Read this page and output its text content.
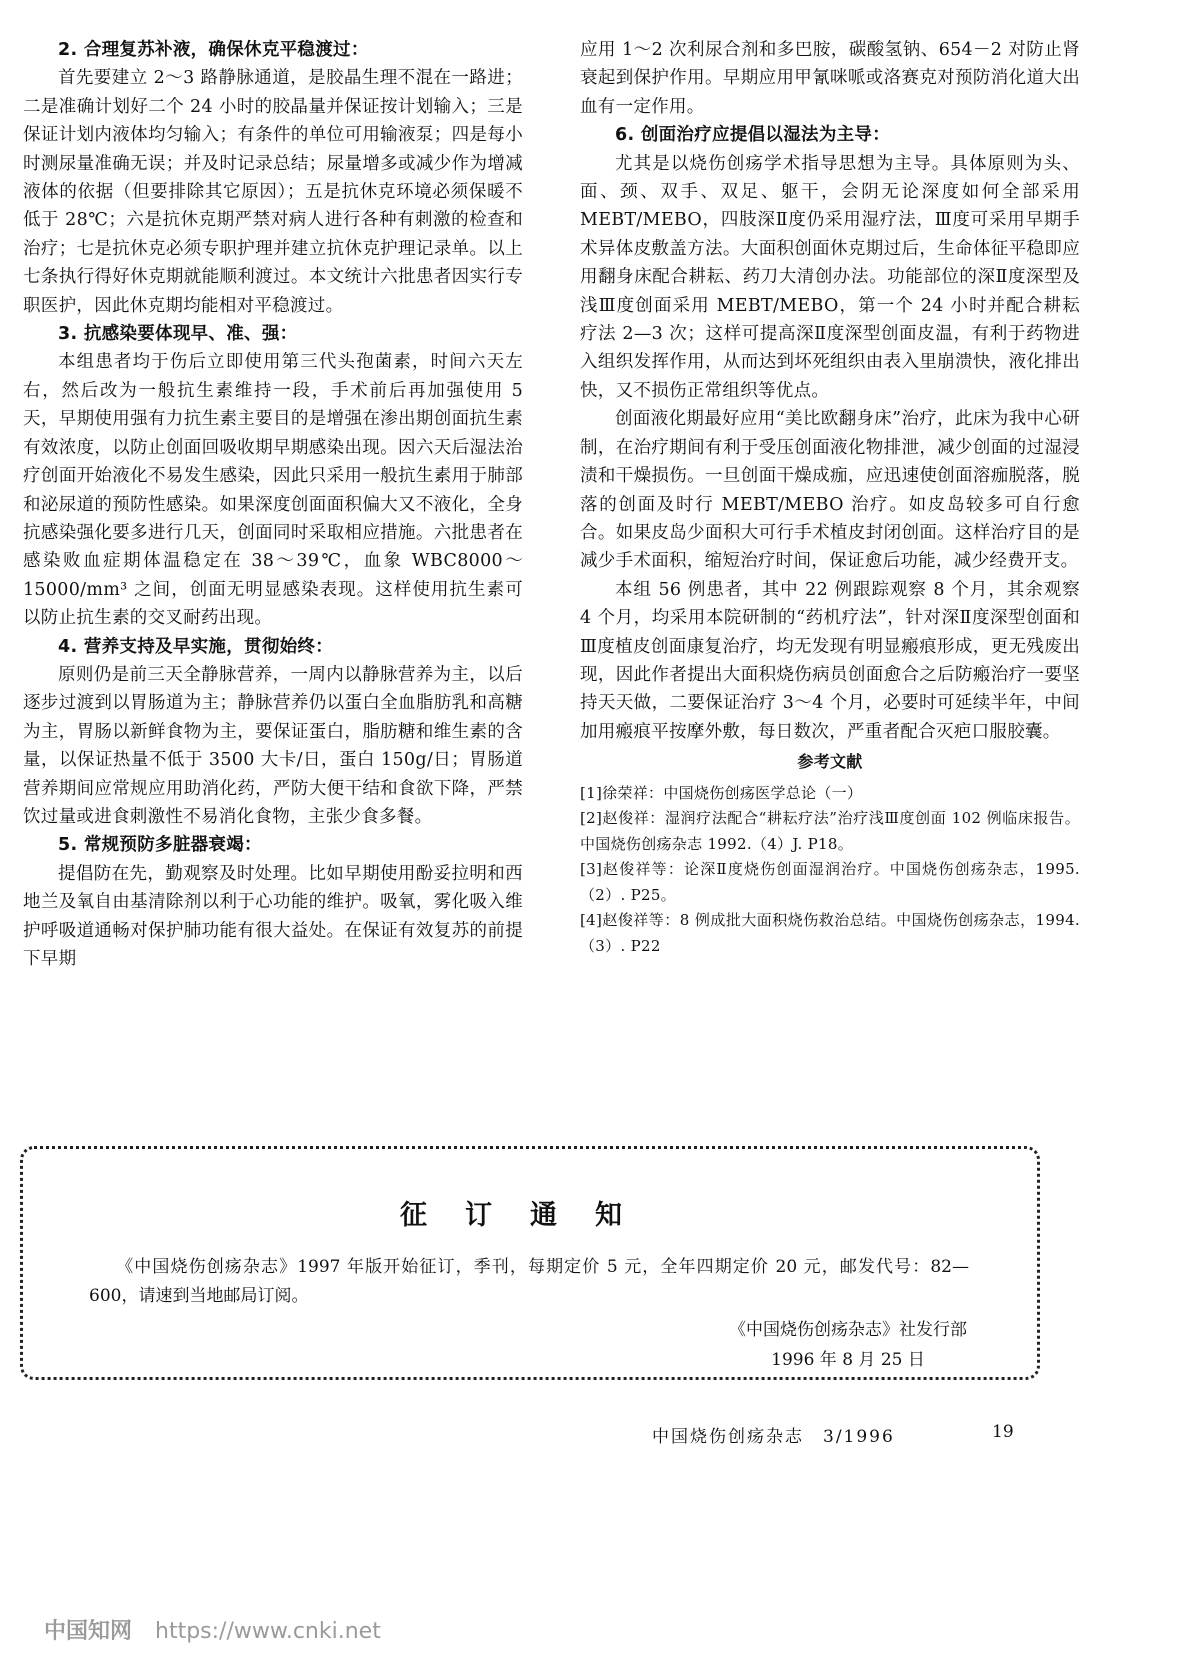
2. 合理复苏补液，确保休克平稳渡过：

首先要建立 2～3 路静脉通道，是胶晶生理不混在一路进；二是准确计划好二个 24 小时的胶晶量并保证按计划输入；三是保证计划内液体均匀输入；有条件的单位可用输液泵；四是每小时测尿量准确无误；并及时记录总结；尿量增多或减少作为增减液体的依据（但要排除其它原因）；五是抗休克环境必须保暖不低于 28℃；六是抗休克期严禁对病人进行各种有刺激的检查和治疗；七是抗休克必须专职护理并建立抗休克护理记录单。以上七条执行得好休克期就能顺利渡过。本文统计六批患者因实行专职医护，因此休克期均能相对平稳渡过。

3. 抗感染要体现早、准、强：

本组患者均于伤后立即使用第三代头孢菌素，时间六天左右，然后改为一般抗生素维持一段，手术前后再加强使用 5 天，早期使用强有力抗生素主要目的是增强在渗出期创面抗生素有效浓度，以防止创面回吸收期早期感染出现。因六天后湿法治疗创面开始液化不易发生感染，因此只采用一般抗生素用于肺部和泌尿道的预防性感染。如果深度创面面积偏大又不液化，全身抗感染强化要多进行几天，创面同时采取相应措施。六批患者在感染败血症期体温稳定在 38～39℃，血象 WBC8000～15000/mm³ 之间，创面无明显感染表现。这样使用抗生素可以防止抗生素的交叉耐药出现。

4. 营养支持及早实施，贯彻始终：

原则仍是前三天全静脉营养，一周内以静脉营养为主，以后逐步过渡到以胃肠道为主；静脉营养仍以蛋白全血脂肪乳和高糖为主，胃肠以新鲜食物为主，要保证蛋白，脂肪糖和维生素的含量，以保证热量不低于 3500 大卡/日，蛋白 150g/日；胃肠道营养期间应常规应用助消化药，严防大便干结和食欲下降，严禁饮过量或进食刺激性不易消化食物，主张少食多餐。

5. 常规预防多脏器衰竭：

提倡防在先，勤观察及时处理。比如早期使用酚妥拉明和西地兰及氧自由基清除剂以利于心功能的维护。吸氧，雾化吸入维护呼吸道通畅对保护肺功能有很大益处。在保证有效复苏的前提下早期

应用 1～2 次利尿合剂和多巴胺，碳酸氢钠、654－2 对防止肾衰起到保护作用。早期应用甲氰咪哌或洛赛克对预防消化道大出血有一定作用。

6. 创面治疗应提倡以湿法为主导：

尤其是以烧伤创疡学术指导思想为主导。具体原则为头、面、颈、双手、双足、躯干，会阴无论深度如何全部采用 MEBT/MEBO，四肢深Ⅱ度仍采用湿疗法，Ⅲ度可采用早期手术异体皮敷盖方法。大面积创面休克期过后，生命体征平稳即应用翻身床配合耕耘、药刀大清创办法。功能部位的深Ⅱ度深型及浅Ⅲ度创面采用 MEBT/MEBO，第一个 24 小时并配合耕耘疗法 2—3 次；这样可提高深Ⅱ度深型创面皮温，有利于药物进入组织发挥作用，从而达到坏死组织由表入里崩溃快，液化排出快，又不损伤正常组织等优点。

创面液化期最好应用“美比欧翻身床”治疗，此床为我中心研制，在治疗期间有利于受压创面液化物排泄，减少创面的过湿浸渍和干燥损伤。一旦创面干燥成痂，应迅速使创面溶痂脱落，脱落的创面及时行 MEBT/MEBO 治疗。如皮岛较多可自行愈合。如果皮岛少面积大可行手术植皮封闭创面。这样治疗目的是减少手术面积，缩短治疗时间，保证愈后功能，减少经费开支。

本组 56 例患者，其中 22 例跟踪观察 8 个月，其余观察 4 个月，均采用本院研制的“药机疗法”，针对深Ⅱ度深型创面和Ⅲ度植皮创面康复治疗，均无发现有明显瘢痕形成，更无残废出现，因此作者提出大面积烧伤病员创面愈合之后防瘢治疗一要坚持天天做，二要保证治疗 3～4 个月，必要时可延续半年，中间加用瘢痕平按摩外敷，每日数次，严重者配合灭疤口服胶囊。

参考文献

[1]徐荣祥：中国烧伤创疡医学总论（一）

[2]赵俊祥：湿润疗法配合“耕耘疗法”治疗浅Ⅲ度创面 102 例临床报告。中国烧伤创疡杂志 1992.（4）J. P18。

[3]赵俊祥等：论深Ⅱ度烧伤创面湿润治疗。中国烧伤创疡杂志，1995.（2）. P25。

[4]赵俊祥等：8 例成批大面积烧伤救治总结。中国烧伤创疡杂志，1994.（3）. P22

征订通知
《中国烧伤创疡杂志》1997 年版开始征订，季刊，每期定价 5 元，全年四期定价 20 元，邮发代号：82—600，请速到当地邮局订阅。
《中国烧伤创疡杂志》社发行部
1996 年 8 月 25 日
中国烧伤创疡杂志　3/1996	19
中国知网 https://www.cnki.net
